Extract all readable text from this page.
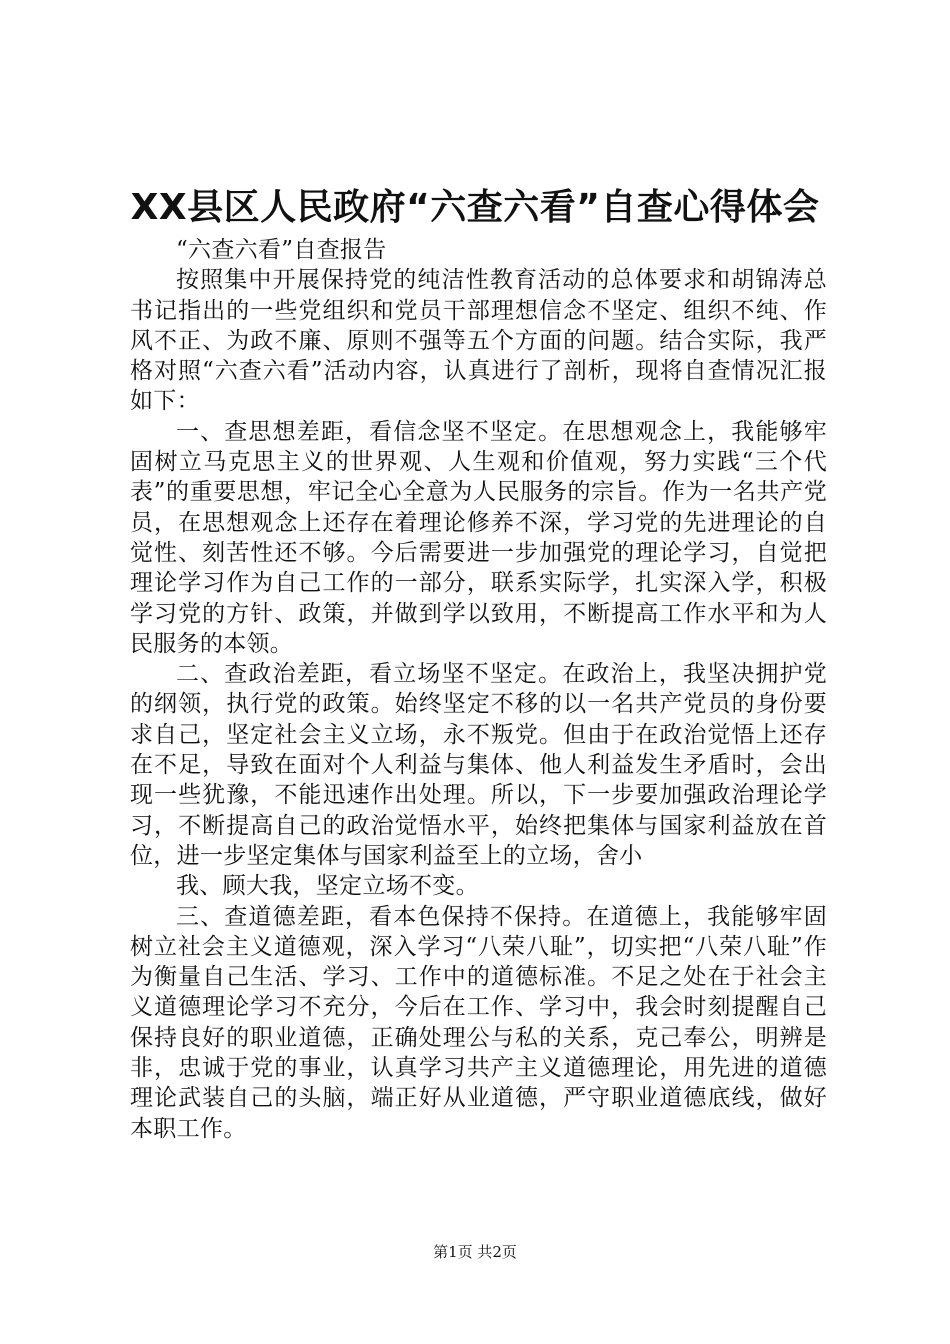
XX县区人民政府“六查六看”自查心得体会

“六查六看”自查报告

按照集中开展保持党的纯洁性教育活动的总体要求和胡锦涛总书记指出的一些党组织和党员干部理想信念不坚定、组织不纯、作风不正、为政不廉、原则不强等五个方面的问题。结合实际，我严格对照“六查六看”活动内容，认真进行了剖析，现将自查情况汇报如下：

一、查思想差距，看信念坚不坚定。在思想观念上，我能够牢固树立马克思主义的世界观、人生观和价值观，努力实践“三个代表”的重要思想，牢记全心全意为人民服务的宗旨。作为一名共产党员，在思想观念上还存在着理论修养不深，学习党的先进理论的自觉性、刻苦性还不够。今后需要进一步加强党的理论学习，自觉把理论学习作为自己工作的一部分，联系实际学，扎实深入学，积极学习党的方针、政策，并做到学以致用，不断提高工作水平和为人民服务的本领。

二、查政治差距，看立场坚不坚定。在政治上，我坚决拥护党的纲领，执行党的政策。始终坚定不移的以一名共产党员的身份要求自己，坚定社会主义立场，永不叛党。但由于在政治觉悟上还存在不足，导致在面对个人利益与集体、他人利益发生矛盾时，会出现一些犹豫，不能迅速作出处理。所以，下一步要加强政治理论学习，不断提高自己的政治觉悟水平，始终把集体与国家利益放在首位，进一步坚定集体与国家利益至上的立场，舍小

我、顾大我，坚定立场不变。

三、查道德差距，看本色保持不保持。在道德上，我能够牢固树立社会主义道德观，深入学习“八荣八耻”，切实把“八荣八耻”作为衡量自己生活、学习、工作中的道德标准。不足之处在于社会主义道德理论学习不充分，今后在工作、学习中，我会时刻提醒自己保持良好的职业道德，正确处理公与私的关系，克己奉公，明辨是非，忠诚于党的事业，认真学习共产主义道德理论，用先进的道德理论武装自己的头脑，端正好从业道德，严守职业道德底线，做好本职工作。

第1页 共2页
